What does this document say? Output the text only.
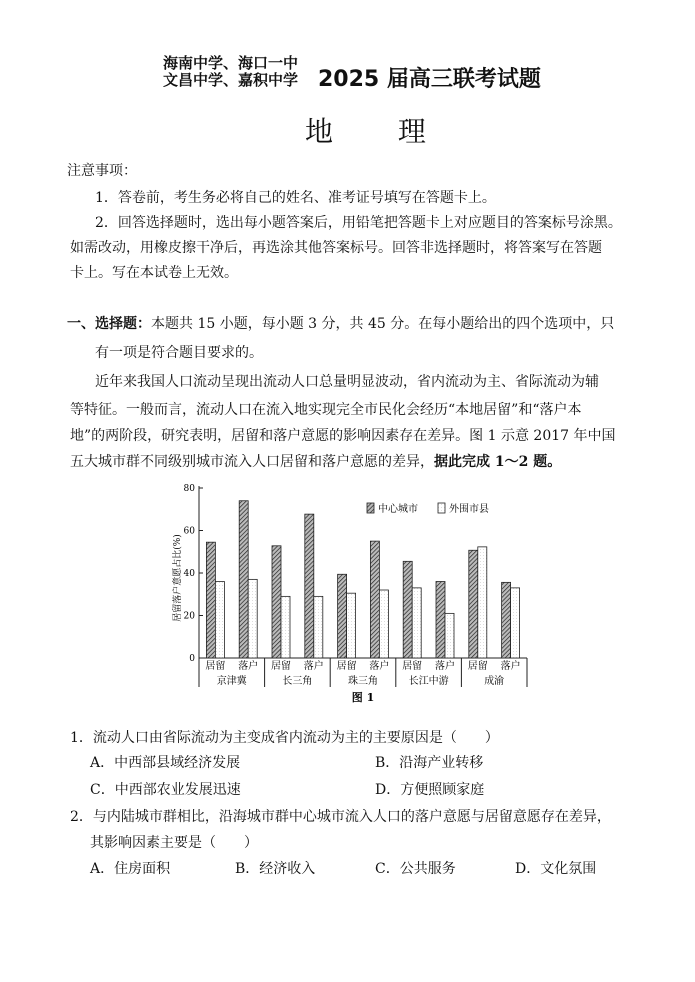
海南中学、海口一中
文昌中学、嘉积中学 2025 届高三联考试题
地 理
注意事项：
1．答卷前，考生务必将自己的姓名、准考证号填写在答题卡上。
2．回答选择题时，选出每小题答案后，用铅笔把答题卡上对应题目的答案标号涂黑。
如需改动，用橡皮擦干净后，再选涂其他答案标号。回答非选择题时，将答案写在答题
卡上。写在本试卷上无效。
一、选择题：本题共 15 小题，每小题 3 分，共 45 分。在每小题给出的四个选项中，只
有一项是符合题目要求的。
近年来我国人口流动呈现出流动人口总量明显波动，省内流动为主、省际流动为辅
等特征。一般而言，流动人口在流入地实现完全市民化会经历“本地居留”和“落户本
地”的两阶段，研究表明，居留和落户意愿的影响因素存在差异。图 1 示意 2017 年中国
五大城市群不同级别城市流入人口居留和落户意愿的差异，据此完成 1～2 题。
0
20
40
60
80
居留 落户 居留 落户 居留 落户 居留 落户 居留 落户
京津冀	长三角	珠三角	长江中游	成渝
图 1
居留落户意愿占比(%)
中心城市	外围市县
1．流动人口由省际流动为主变成省内流动为主的主要原因是（　　）
A．中西部县域经济发展	B．沿海产业转移
C．中西部农业发展迅速	D．方便照顾家庭
2．与内陆城市群相比，沿海城市群中心城市流入人口的落户意愿与居留意愿存在差异，
其影响因素主要是（　　）
A．住房面积	B．经济收入	C．公共服务	D．文化氛围
